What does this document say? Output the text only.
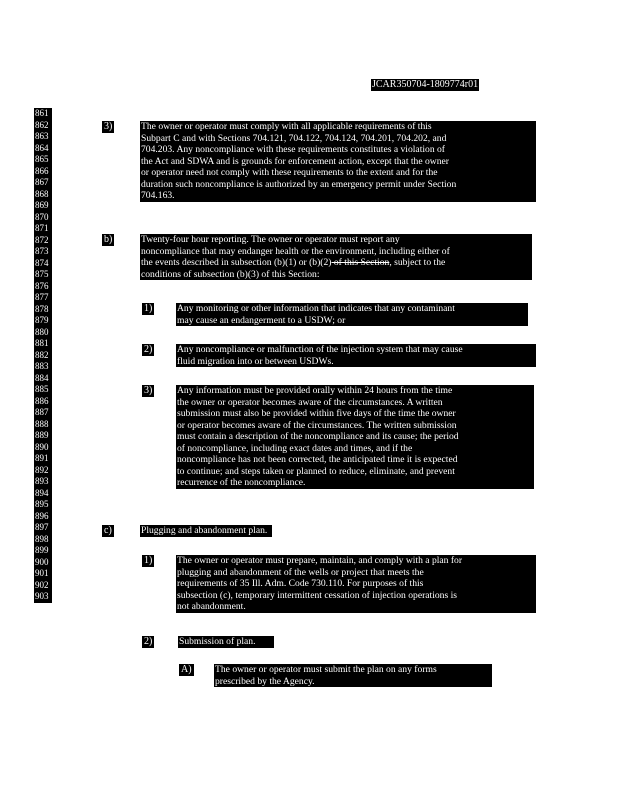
JCAR350704-1809774r01
861
862
863
864
865
866
867
868
869
870
871
872
873
874
875
876
877
878
879
880
881
882
883
884
885
886
887
888
889
890
891
892
893
894
895
896
897
898
899
900
901
902
903
3)	The owner or operator must comply with all applicable requirements of this
Subpart C and with Sections 704.121, 704.122, 704.124, 704.201, 704.202, and
704.203. Any noncompliance with these requirements constitutes a violation of
the Act and SDWA and is grounds for enforcement action, except that the owner
or operator need not comply with these requirements to the extent and for the
duration such noncompliance is authorized by an emergency permit under Section
704.163.
b)	Twenty-four hour reporting. The owner or operator must report any
noncompliance that may endanger health or the environment, including either of
the events described in subsection (b)(1) or (b)(2) of this Section, subject to the
conditions of subsection (b)(3) of this Section:
1)	Any monitoring or other information that indicates that any contaminant
may cause an endangerment to a USDW; or
2)	Any noncompliance or malfunction of the injection system that may cause
fluid migration into or between USDWs.
3)	Any information must be provided orally within 24 hours from the time
the owner or operator becomes aware of the circumstances. A written
submission must also be provided within five days of the time the owner
or operator becomes aware of the circumstances. The written submission
must contain a description of the noncompliance and its cause; the period
of noncompliance, including exact dates and times, and if the
noncompliance has not been corrected, the anticipated time it is expected
to continue; and steps taken or planned to reduce, eliminate, and prevent
recurrence of the noncompliance.
c)	Plugging and abandonment plan.
1)	The owner or operator must prepare, maintain, and comply with a plan for
plugging and abandonment of the wells or project that meets the
requirements of 35 Ill. Adm. Code 730.110. For purposes of this
subsection (c), temporary intermittent cessation of injection operations is
not abandonment.
2)	Submission of plan.
A) The owner or operator must submit the plan on any forms
prescribed by the Agency.
